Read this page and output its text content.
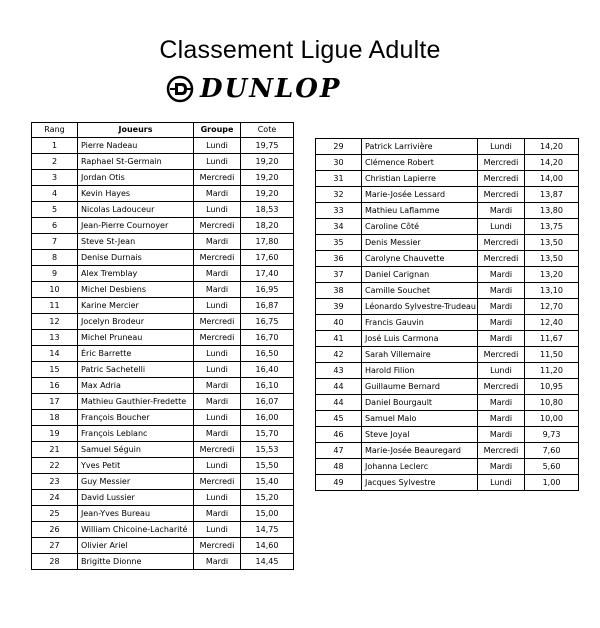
Classement Ligue Adulte
DUNLOP
Rang	Joueurs	Groupe	Cote
1	Pierre Nadeau	Lundi	19,75
2	Raphael St-Germain	Lundi	19,20
3	Jordan Otis	Mercredi	19,20
4	Kevin Hayes	Mardi	19,20
5	Nicolas Ladouceur	Lundi	18,53
6	Jean-Pierre Cournoyer	Mercredi	18,20
7	Steve St-Jean	Mardi	17,80
8	Denise Durnais	Mercredi	17,60
9	Alex Tremblay	Mardi	17,40
10	Michel Desbiens	Mardi	16,95
11	Karine Mercier	Lundi	16,87
12	Jocelyn Brodeur	Mercredi	16,75
13	Michel Pruneau	Mercredi	16,70
14	Éric Barrette	Lundi	16,50
15	Patric Sachetelli	Lundi	16,40
16	Max Adria	Mardi	16,10
17	Mathieu Gauthier-Fredette	Mardi	16,07
18	François Boucher	Lundi	16,00
19	François Leblanc	Mardi	15,70
21	Samuel Séguin	Mercredi	15,53
22	Yves Petit	Lundi	15,50
23	Guy Messier	Mercredi	15,40
24	David Lussier	Lundi	15,20
25	Jean-Yves Bureau	Mardi	15,00
26	William Chicoine-Lacharité	Lundi	14,75
27	Olivier Ariel	Mercredi	14,60
28	Brigitte Dionne	Mardi	14,45
29	Patrick Larrivière	Lundi	14,20
30	Clémence Robert	Mercredi	14,20
31	Christian Lapierre	Mercredi	14,00
32	Marie-Josée Lessard	Mercredi	13,87
33	Mathieu Laflamme	Mardi	13,80
34	Caroline Côté	Lundi	13,75
35	Denis Messier	Mercredi	13,50
36	Carolyne Chauvette	Mercredi	13,50
37	Daniel Carignan	Mardi	13,20
38	Camille Souchet	Mardi	13,10
39	Léonardo Sylvestre-Trudeau	Mardi	12,70
40	Francis Gauvin	Mardi	12,40
41	José Luis Carmona	Mardi	11,67
42	Sarah Villemaire	Mercredi	11,50
43	Harold Filion	Lundi	11,20
44	Guillaume Bernard	Mercredi	10,95
44	Daniel Bourgault	Mardi	10,80
45	Samuel Malo	Mardi	10,00
46	Steve Joyal	Mardi	9,73
47	Marie-Josée Beauregard	Mercredi	7,60
48	Johanna Leclerc	Mardi	5,60
49	Jacques Sylvestre	Lundi	1,00
